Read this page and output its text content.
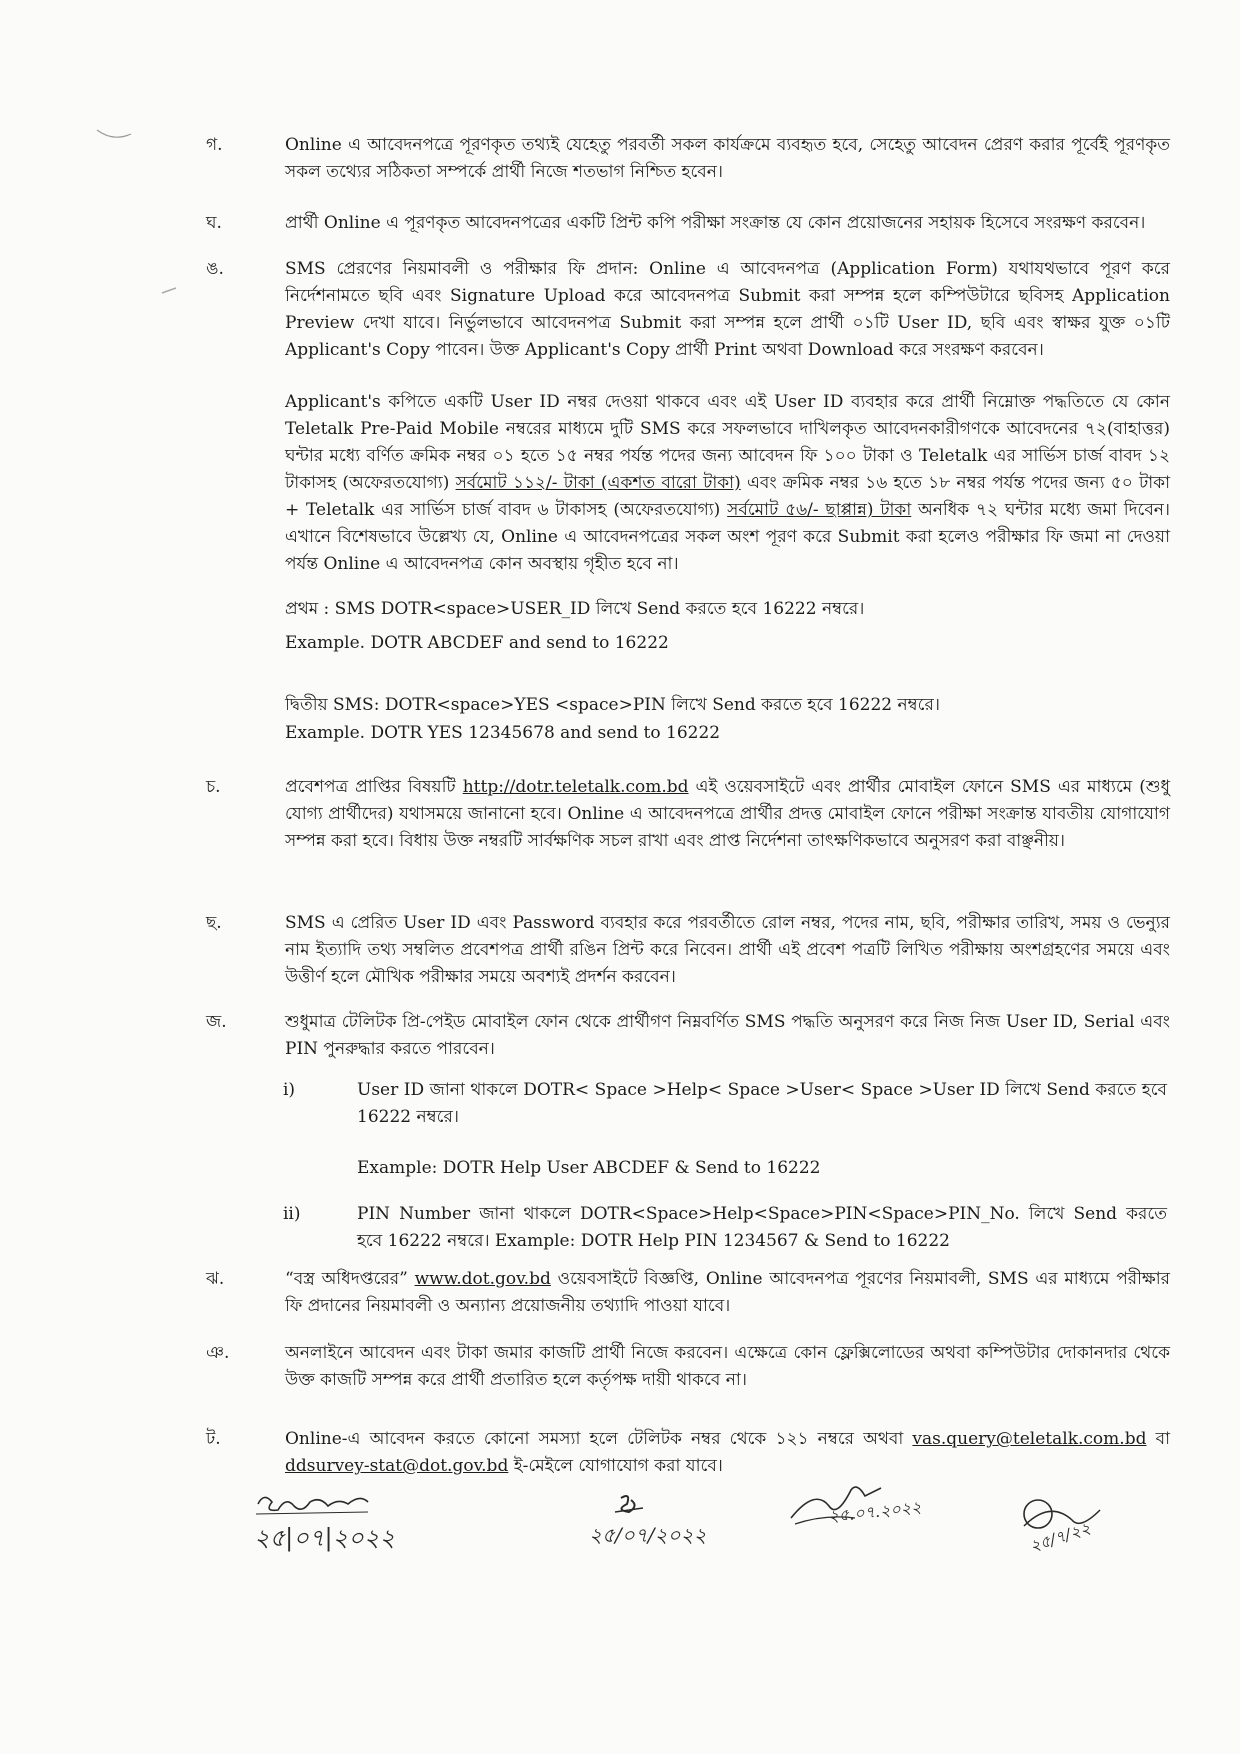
গ.	Online এ আবেদনপত্রে পূরণকৃত তথ্যই যেহেতু পরবর্তী সকল কার্যক্রমে ব্যবহৃত হবে, সেহেতু আবেদন প্রেরণ করার পূর্বেই পূরণকৃত সকল তথ্যের সঠিকতা সম্পর্কে প্রার্থী নিজে শতভাগ নিশ্চিত হবেন।

ঘ.	প্রার্থী Online এ পূরণকৃত আবেদনপত্রের একটি প্রিন্ট কপি পরীক্ষা সংক্রান্ত যে কোন প্রয়োজনের সহায়ক হিসেবে সংরক্ষণ করবেন।

ঙ.	SMS প্রেরণের নিয়মাবলী ও পরীক্ষার ফি প্রদান: Online এ আবেদনপত্র (Application Form) যথাযথভাবে পূরণ করে নির্দেশনামতে ছবি এবং Signature Upload করে আবেদনপত্র Submit করা সম্পন্ন হলে কম্পিউটারে ছবিসহ Application Preview দেখা যাবে। নির্ভুলভাবে আবেদনপত্র Submit করা সম্পন্ন হলে প্রার্থী ০১টি User ID, ছবি এবং স্বাক্ষর যুক্ত ০১টি Applicant's Copy পাবেন। উক্ত Applicant's Copy প্রার্থী Print অথবা Download করে সংরক্ষণ করবেন।

Applicant's কপিতে একটি User ID নম্বর দেওয়া থাকবে এবং এই User ID ব্যবহার করে প্রার্থী নিম্নোক্ত পদ্ধতিতে যে কোন Teletalk Pre-Paid Mobile নম্বরের মাধ্যমে দুটি SMS করে সফলভাবে দাখিলকৃত আবেদনকারীগণকে আবেদনের ৭২(বাহাত্তর) ঘন্টার মধ্যে বর্ণিত ক্রমিক নম্বর ০১ হতে ১৫ নম্বর পর্যন্ত পদের জন্য আবেদন ফি ১০০ টাকা ও Teletalk এর সার্ভিস চার্জ বাবদ ১২ টাকাসহ (অফেরতযোগ্য) সর্বমোট ১১২/- টাকা (একশত বারো টাকা) এবং ক্রমিক নম্বর ১৬ হতে ১৮ নম্বর পর্যন্ত পদের জন্য ৫০ টাকা + Teletalk এর সার্ভিস চার্জ বাবদ ৬ টাকাসহ (অফেরতযোগ্য) সর্বমোট ৫৬/- ছাপ্পান্ন) টাকা অনধিক ৭২ ঘন্টার মধ্যে জমা দিবেন। এখানে বিশেষভাবে উল্লেখ্য যে, Online এ আবেদনপত্রের সকল অংশ পূরণ করে Submit করা হলেও পরীক্ষার ফি জমা না দেওয়া পর্যন্ত Online এ আবেদনপত্র কোন অবস্থায় গৃহীত হবে না।

প্রথম : SMS DOTR<space>USER_ID লিখে Send করতে হবে 16222 নম্বরে।
Example. DOTR ABCDEF and send to 16222
দ্বিতীয় SMS: DOTR<space>YES <space>PIN লিখে Send করতে হবে 16222 নম্বরে।
Example. DOTR YES 12345678 and send to 16222
চ.	প্রবেশপত্র প্রাপ্তির বিষয়টি http://dotr.teletalk.com.bd এই ওয়েবসাইটে এবং প্রার্থীর মোবাইল ফোনে SMS এর মাধ্যমে (শুধু যোগ্য প্রার্থীদের) যথাসময়ে জানানো হবে। Online এ আবেদনপত্রে প্রার্থীর প্রদত্ত মোবাইল ফোনে পরীক্ষা সংক্রান্ত যাবতীয় যোগাযোগ সম্পন্ন করা হবে। বিধায় উক্ত নম্বরটি সার্বক্ষণিক সচল রাখা এবং প্রাপ্ত নির্দেশনা তাৎক্ষণিকভাবে অনুসরণ করা বাঞ্ছনীয়।

ছ.	SMS এ প্রেরিত User ID এবং Password ব্যবহার করে পরবর্তীতে রোল নম্বর, পদের নাম, ছবি, পরীক্ষার তারিখ, সময় ও ভেন্যুর নাম ইত্যাদি তথ্য সম্বলিত প্রবেশপত্র প্রার্থী রঙিন প্রিন্ট করে নিবেন। প্রার্থী এই প্রবেশ পত্রটি লিখিত পরীক্ষায় অংশগ্রহণের সময়ে এবং উত্তীর্ণ হলে মৌখিক পরীক্ষার সময়ে অবশ্যই প্রদর্শন করবেন।

জ.	শুধুমাত্র টেলিটক প্রি-পেইড মোবাইল ফোন থেকে প্রার্থীগণ নিম্নবর্ণিত SMS পদ্ধতি অনুসরণ করে নিজ নিজ User ID, Serial এবং PIN পুনরুদ্ধার করতে পারবেন।

i)	User ID জানা থাকলে DOTR< Space >Help< Space >User< Space >User ID লিখে Send করতে হবে 16222 নম্বরে।

Example: DOTR Help User ABCDEF & Send to 16222
ii)	PIN Number জানা থাকলে DOTR<Space>Help<Space>PIN<Space>PIN_No. লিখে Send করতে হবে 16222 নম্বরে। Example: DOTR Help PIN 1234567 & Send to 16222

ঝ.	“বস্ত্র অধিদপ্তরের” www.dot.gov.bd ওয়েবসাইটে বিজ্ঞপ্তি, Online আবেদনপত্র পূরণের নিয়মাবলী, SMS এর মাধ্যমে পরীক্ষার ফি প্রদানের নিয়মাবলী ও অন্যান্য প্রয়োজনীয় তথ্যাদি পাওয়া যাবে।

ঞ.	অনলাইনে আবেদন এবং টাকা জমার কাজটি প্রার্থী নিজে করবেন। এক্ষেত্রে কোন ফ্লেক্সিলোডের অথবা কম্পিউটার দোকানদার থেকে উক্ত কাজটি সম্পন্ন করে প্রার্থী প্রতারিত হলে কর্তৃপক্ষ দায়ী থাকবে না।

ট.	Online-এ আবেদন করতে কোনো সমস্যা হলে টেলিটক নম্বর থেকে ১২১ নম্বরে অথবা vas.query@teletalk.com.bd বা ddsurvey-stat@dot.gov.bd ই-মেইলে যোগাযোগ করা যাবে।

২৫|০৭|২০২২	২৫/০৭/২০২২
২৫.০৭.২০২২
২৫/৭/২২
